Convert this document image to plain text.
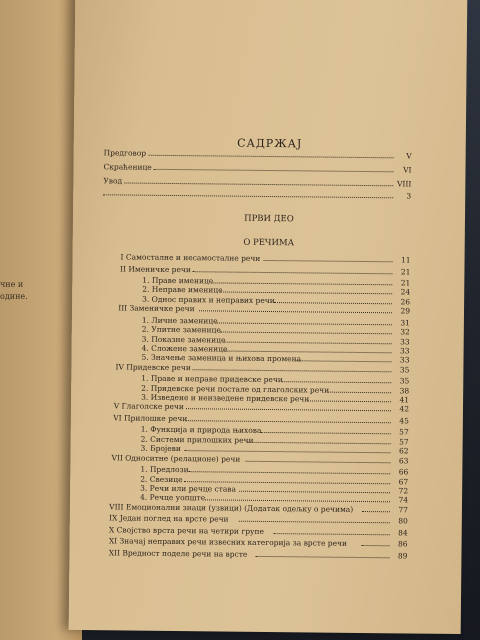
чне и
одине.
САДРЖАЈ
ПРВИ ДЕО
О РЕЧИМА
Предговор	V
Скраћенице	VI
Увод	VIII
3
I Самосталне и несамосталне речи	11
II Именичке речи	21
1. Праве именице	21
2. Неправе именице	24
3. Однос правих и неправих речи	26
III Заменичке речи	29
1. Личне заменице	31
2. Упитне заменице	32
3. Показне заменице	33
4. Сложене заменице	33
5. Значење заменица и њихова промена	33
IV Придевске речи	35
1. Праве и неправе придевске речи	35
2. Придевске речи постале од глаголских речи	38
3. Изведене и неизведене придевске речи	41
V Глаголске речи	42
VI Прилошке речи	45
1. Функција и природа њихова	57
2. Системи прилошких речи	57
3. Бројеви	62
VII Односитне (релационе) речи	63
1. Предлози	66
2. Свезице	67
3. Речи или речце става	72
4. Речце уопште	74
VIII Емоционални знаци (узвици) (Додатак одељку о речима)	77
IX Један поглед на врсте речи	80
X Својство врста речи на четири групе	84
XI Значај неправих речи извесних категорија за врсте речи	86
XII Вредност поделе речи на врсте	89
